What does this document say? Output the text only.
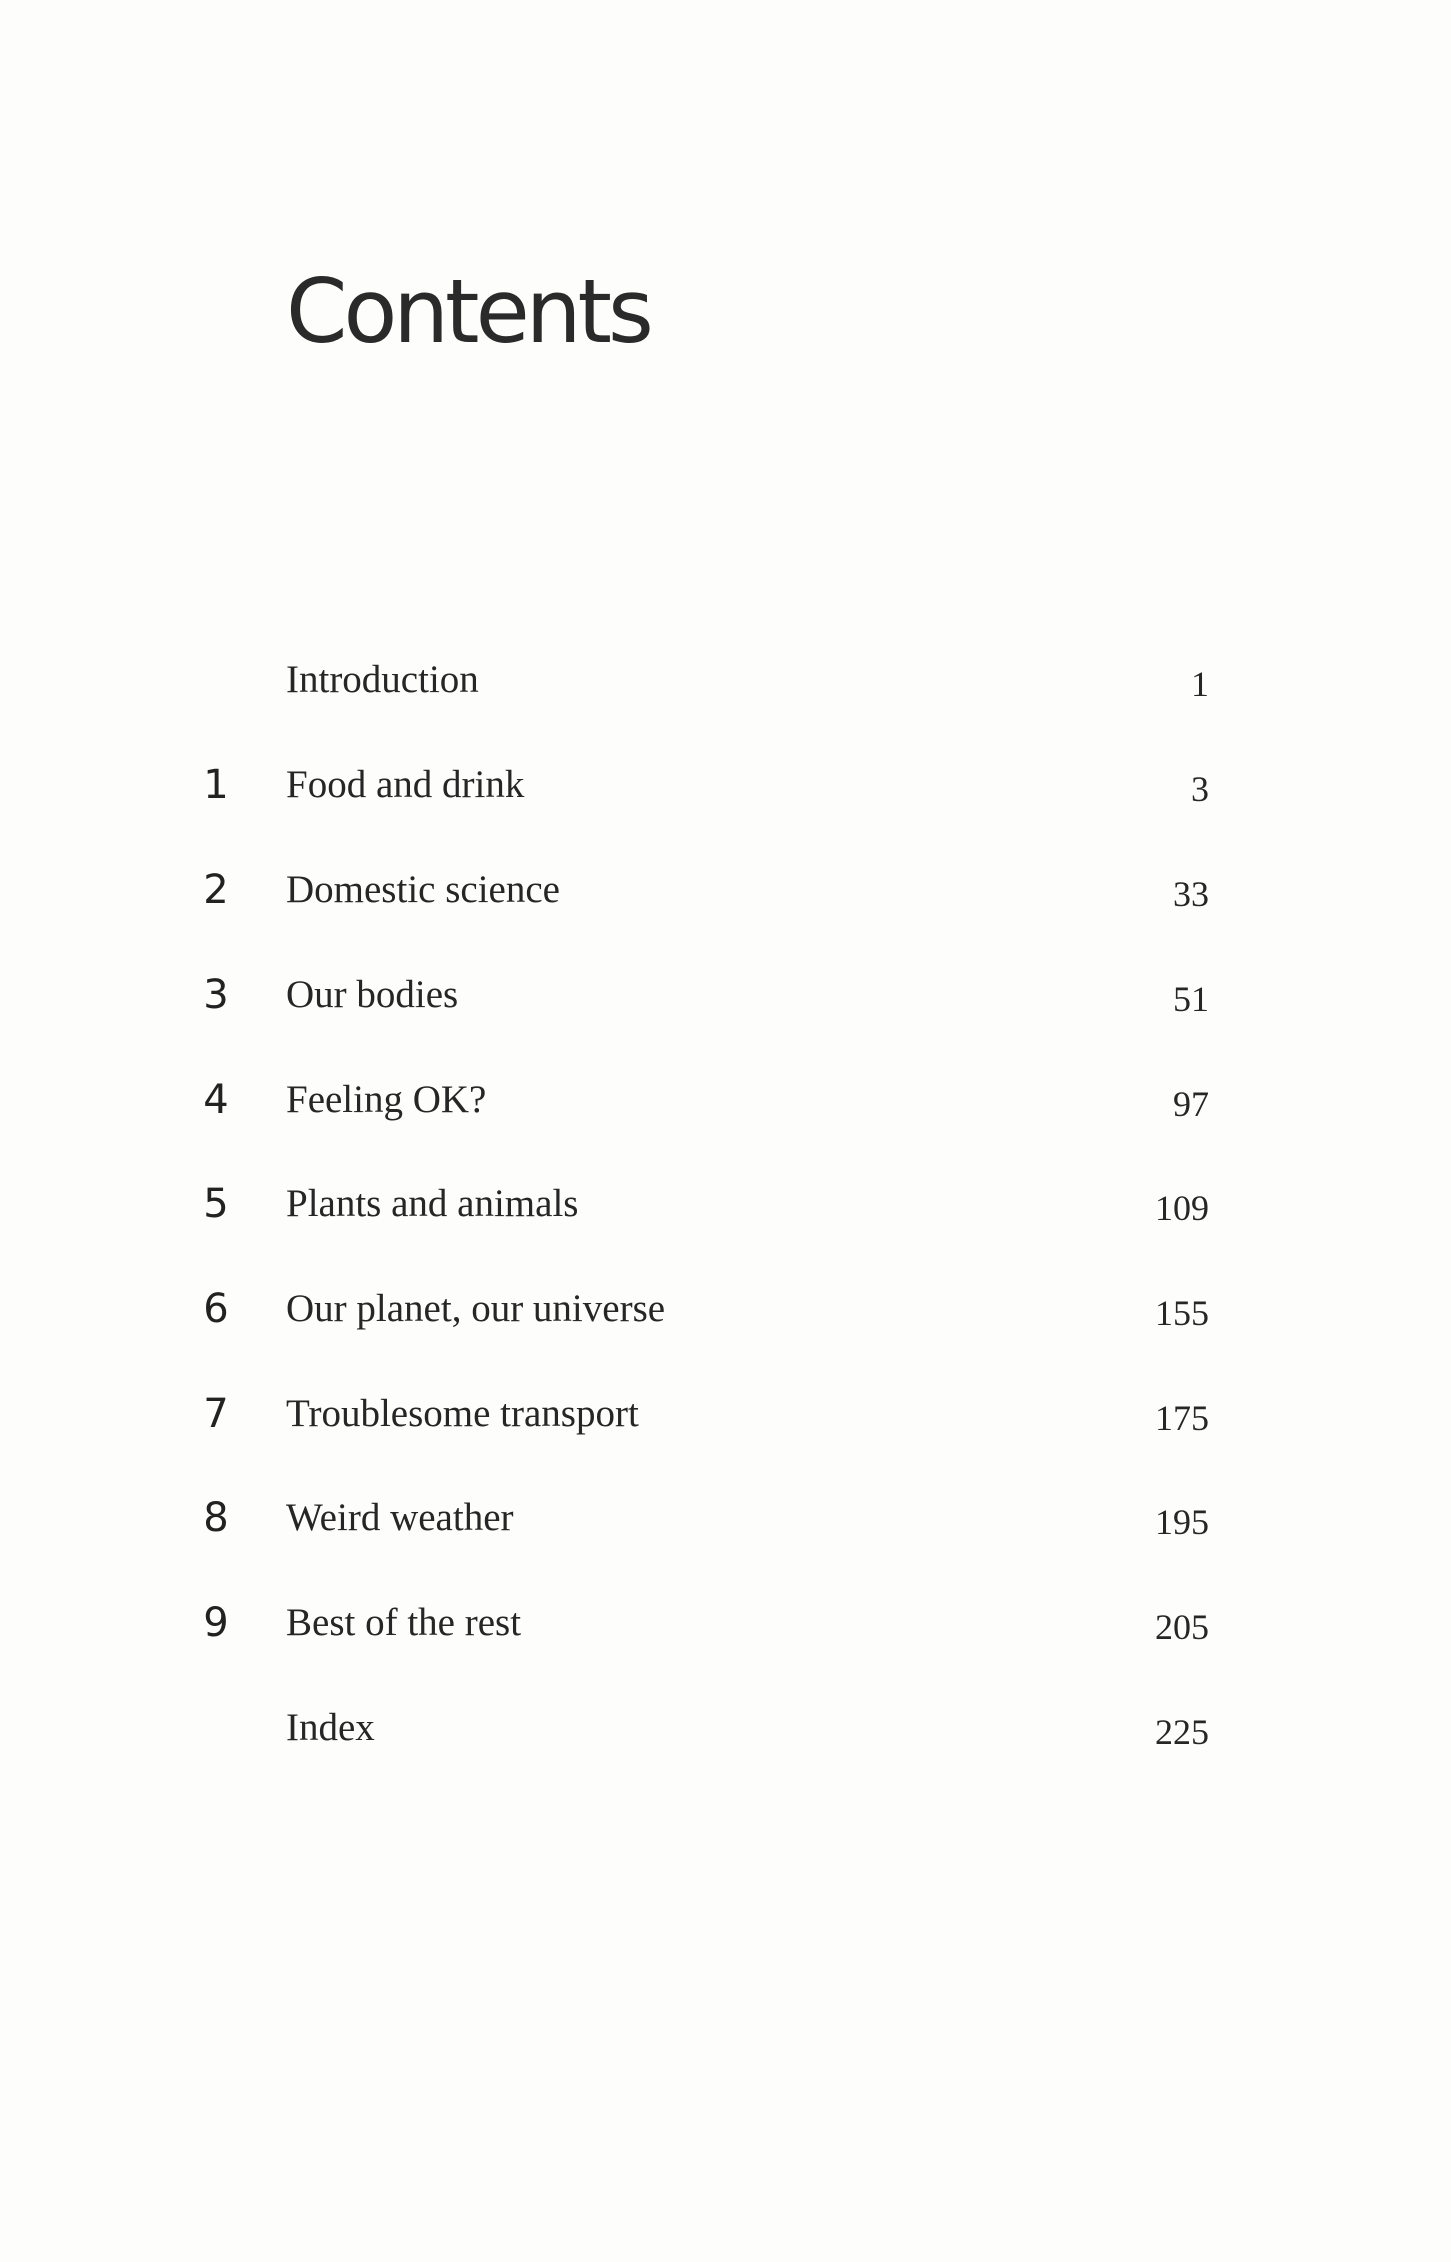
Contents
Introduction	1
1 Food and drink	3
2 Domestic science	33
3 Our bodies	51
4 Feeling OK?	97
5 Plants and animals	109
6 Our planet, our universe	155
7 Troublesome transport	175
8 Weird weather	195
9 Best of the rest	205
Index	225
